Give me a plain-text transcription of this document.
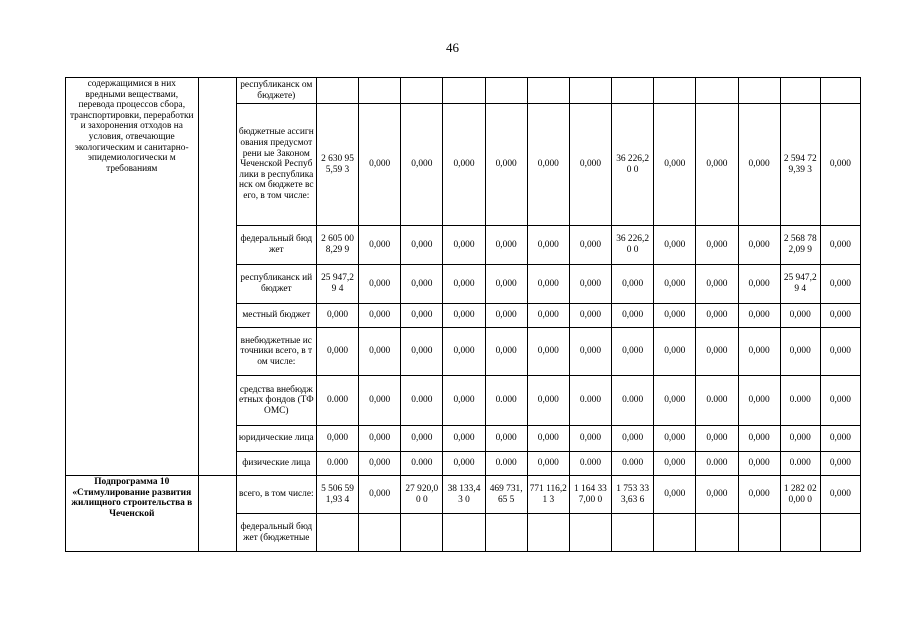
46
содержащимися в них вредными веществами, перевода процессов сбора, транспортировки, переработки и захоронения отходов на условия, отвечающие экологическим и санитарно-эпидемиологически м требованиям		республиканск ом бюджете)													
		бюджетные ассигнования предусмотрени ые Законом Чеченской Республики в республиканск ом бюджете всего, в том числе:	2 630 955,59 3	0,000	0,000	0,000	0,000	0,000	0,000	36 226,20 0	0,000	0,000	0,000	2 594 729,39 3	0,000
		федеральный бюджет	2 605 008,29 9	0,000	0,000	0,000	0,000	0,000	0,000	36 226,20 0	0,000	0,000	0,000	2 568 782,09 9	0,000
		республиканск ий бюджет	25 947,29 4	0,000	0,000	0,000	0,000	0,000	0,000	0,000	0,000	0,000	0,000	25 947,29 4	0,000
		местный бюджет	0,000	0,000	0,000	0,000	0,000	0,000	0,000	0,000	0,000	0,000	0,000	0,000	0,000
		внебюджетные источники всего, в том числе:	0,000	0,000	0,000	0,000	0,000	0,000	0,000	0,000	0,000	0,000	0,000	0,000	0,000
		средства внебюджетных фондов (ТФОМС)	0.000	0,000	0.000	0,000	0.000	0,000	0.000	0.000	0,000	0.000	0,000	0.000	0,000
		юридические лица	0,000	0,000	0,000	0,000	0,000	0,000	0,000	0,000	0,000	0,000	0,000	0,000	0,000
		физические лица	0.000	0,000	0.000	0,000	0.000	0,000	0.000	0.000	0,000	0.000	0,000	0.000	0,000
Подпрограмма 10 «Стимулирование развития жилищного строительства в Чеченской		всего, в том числе:	5 506 591,93 4	0,000	27 920,00 0	38 133,43 0	469 731,65 5	771 116,21 3	1 164 337,00 0	1 753 333,63 6	0,000	0,000	0,000	1 282 020,00 0	0,000
		федеральный бюджет (бюджетные													
